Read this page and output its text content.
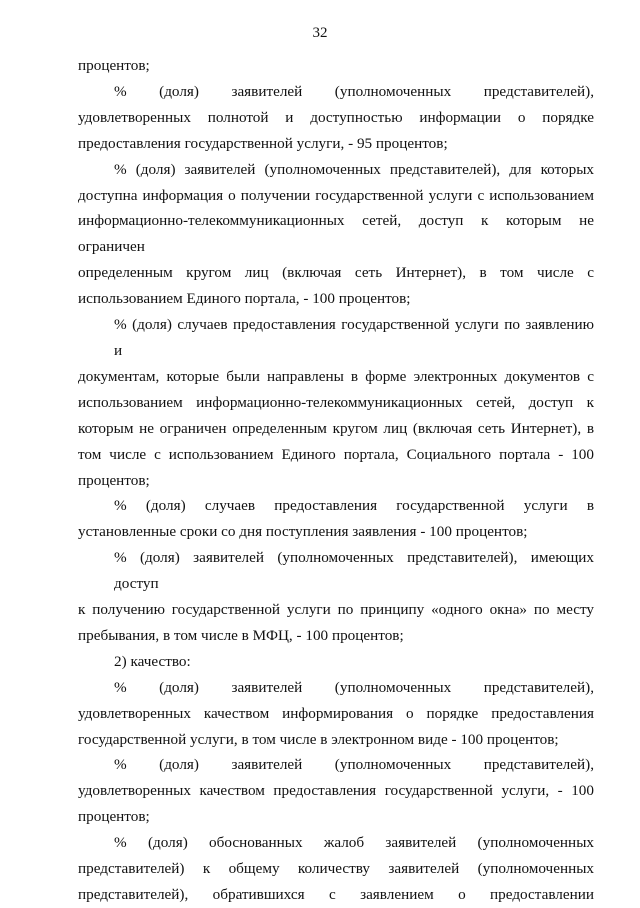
32

процентов;

% (доля) заявителей (уполномоченных представителей),
удовлетворенных полнотой и доступностью информации о порядке
предоставления государственной услуги, - 95 процентов;

% (доля) заявителей (уполномоченных представителей), для которых
доступна информация о получении государственной услуги с использованием
информационно-телекоммуникационных сетей, доступ к которым не ограничен
определенным кругом лиц (включая сеть Интернет), в том числе с
использованием Единого портала, - 100 процентов;

% (доля) случаев предоставления государственной услуги по заявлению и
документам, которые были направлены в форме электронных документов с
использованием информационно-телекоммуникационных сетей, доступ к
которым не ограничен определенным кругом лиц (включая сеть Интернет), в
том числе с использованием Единого портала, Социального портала - 100
процентов;

% (доля) случаев предоставления государственной услуги в
установленные сроки со дня поступления заявления - 100 процентов;

% (доля) заявителей (уполномоченных представителей), имеющих доступ
к получению государственной услуги по принципу «одного окна» по месту
пребывания, в том числе в МФЦ, - 100 процентов;

2) качество:

% (доля) заявителей (уполномоченных представителей),
удовлетворенных качеством информирования о порядке предоставления
государственной услуги, в том числе в электронном виде - 100 процентов;

% (доля) заявителей (уполномоченных представителей),
удовлетворенных качеством предоставления государственной услуги, - 100
процентов;

% (доля) обоснованных жалоб заявителей (уполномоченных
представителей) к общему количеству заявителей (уполномоченных
представителей), обратившихся с заявлением о предоставлении
